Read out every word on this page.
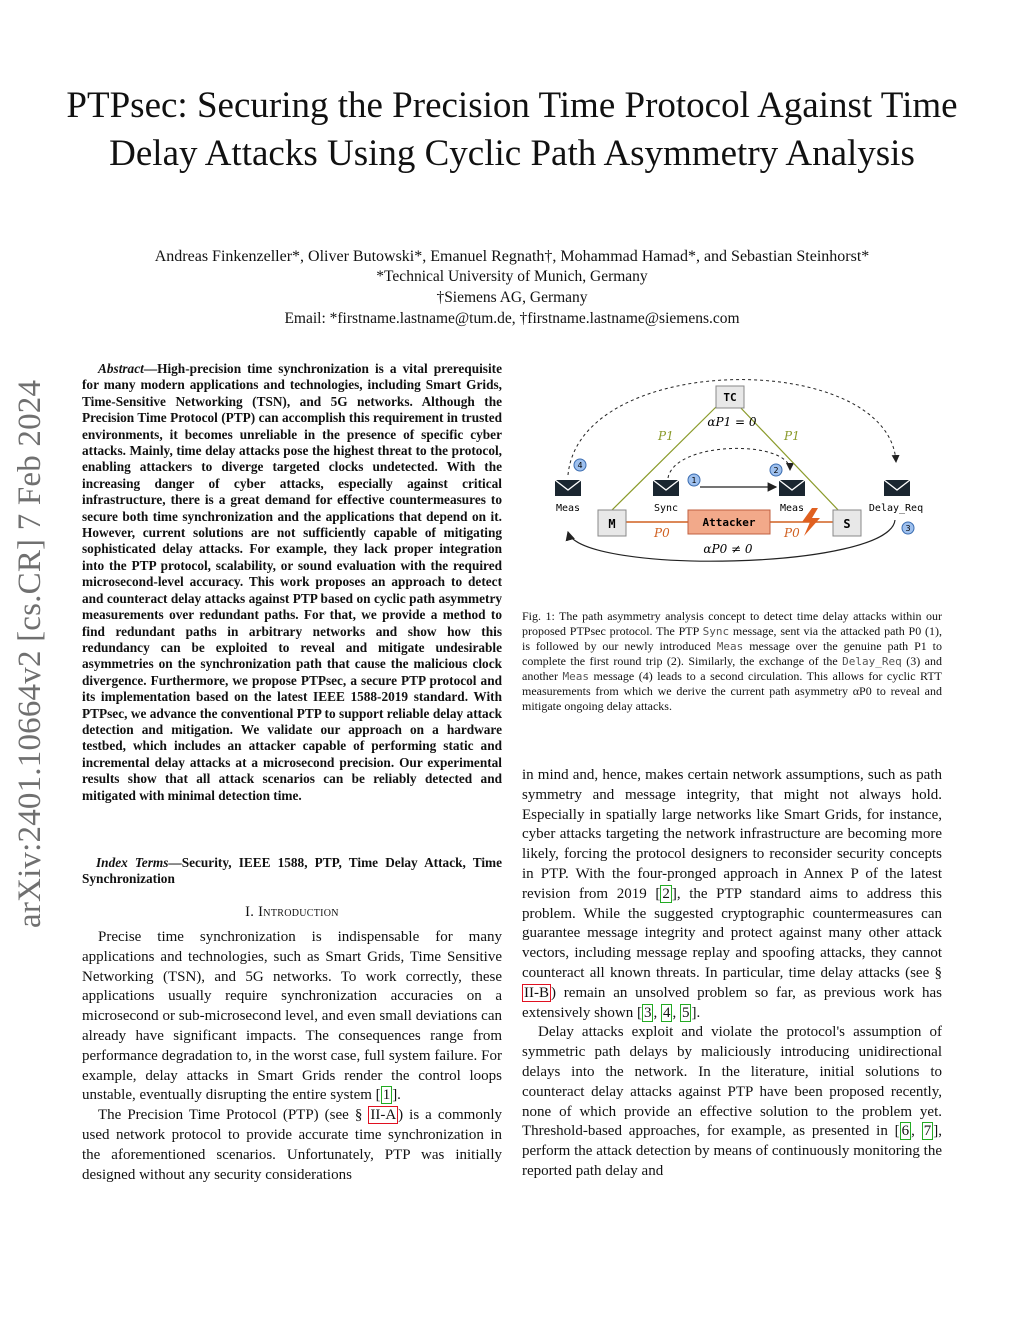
PTPsec: Securing the Precision Time Protocol Against Time Delay Attacks Using Cyclic Path Asymmetry Analysis
Andreas Finkenzeller*, Oliver Butowski*, Emanuel Regnath†, Mohammad Hamad*, and Sebastian Steinhorst*
*Technical University of Munich, Germany
†Siemens AG, Germany
Email: *firstname.lastname@tum.de, †firstname.lastname@siemens.com
arXiv:2401.10664v2 [cs.CR] 7 Feb 2024
Abstract—High-precision time synchronization is a vital prerequisite for many modern applications and technologies, including Smart Grids, Time-Sensitive Networking (TSN), and 5G networks. Although the Precision Time Protocol (PTP) can accomplish this requirement in trusted environments, it becomes unreliable in the presence of specific cyber attacks. Mainly, time delay attacks pose the highest threat to the protocol, enabling attackers to diverge targeted clocks undetected. With the increasing danger of cyber attacks, especially against critical infrastructure, there is a great demand for effective countermeasures to secure both time synchronization and the applications that depend on it. However, current solutions are not sufficiently capable of mitigating sophisticated delay attacks. For example, they lack proper integration into the PTP protocol, scalability, or sound evaluation with the required microsecond-level accuracy. This work proposes an approach to detect and counteract delay attacks against PTP based on cyclic path asymmetry measurements over redundant paths. For that, we provide a method to find redundant paths in arbitrary networks and show how this redundancy can be exploited to reveal and mitigate undesirable asymmetries on the synchronization path that cause the malicious clock divergence. Furthermore, we propose PTPsec, a secure PTP protocol and its implementation based on the latest IEEE 1588-2019 standard. With PTPsec, we advance the conventional PTP to support reliable delay attack detection and mitigation. We validate our approach on a hardware testbed, which includes an attacker capable of performing static and incremental delay attacks at a microsecond precision. Our experimental results show that all attack scenarios can be reliably detected and mitigated with minimal detection time.
Index Terms—Security, IEEE 1588, PTP, Time Delay Attack, Time Synchronization
I. Introduction

Precise time synchronization is indispensable for many applications and technologies, such as Smart Grids, Time Sensitive Networking (TSN), and 5G networks. To work correctly, these applications usually require synchronization accuracies on a microsecond or sub-microsecond level, and even small deviations can already have significant impacts. The consequences range from performance degradation to, in the worst case, full system failure. For example, delay attacks in Smart Grids render the control loops unstable, eventually disrupting the entire system [ 1 ].

The Precision Time Protocol (PTP) (see § II-A ) is a commonly used network protocol to provide accurate time synchronization in the aforementioned scenarios. Unfortunately, PTP was initially designed without any security considerations

TC
αP1 = 0
M	S
Attacker
P1	P1
P0	P0
αP0 ≠ 0
Meas	Sync	Meas	Delay_Req
1
2
3
4
Fig. 1: The path asymmetry analysis concept to detect time delay attacks within our proposed PTPsec protocol. The PTP Sync message, sent via the attacked path P0 (1), is followed by our newly introduced Meas message over the genuine path P1 to complete the first round trip (2). Similarly, the exchange of the Delay_Req (3) and another Meas message (4) leads to a second circulation. This allows for cyclic RTT measurements from which we derive the current path asymmetry αP0 to reveal and mitigate ongoing delay attacks.

in mind and, hence, makes certain network assumptions, such as path symmetry and message integrity, that might not always hold. Especially in spatially large networks like Smart Grids, for instance, cyber attacks targeting the network infrastructure are becoming more likely, forcing the protocol designers to reconsider security concepts in PTP. With the four-pronged approach in Annex P of the latest revision from 2019 [ 2 ], the PTP standard aims to address this problem. While the suggested cryptographic countermeasures can guarantee message integrity and protect against many other attack vectors, including message replay and spoofing attacks, they cannot counteract all known threats. In particular, time delay attacks (see § II-B ) remain an unsolved problem so far, as previous work has extensively shown [ 3 , 4 , 5 ].

Delay attacks exploit and violate the protocol's assumption of symmetric path delays by maliciously introducing unidirectional delays into the network. In the literature, initial solutions to counteract delay attacks against PTP have been proposed recently, none of which provide an effective solution to the problem yet. Threshold-based approaches, for example, as presented in [ 6 , 7 ], perform the attack detection by means of continuously monitoring the reported path delay and
